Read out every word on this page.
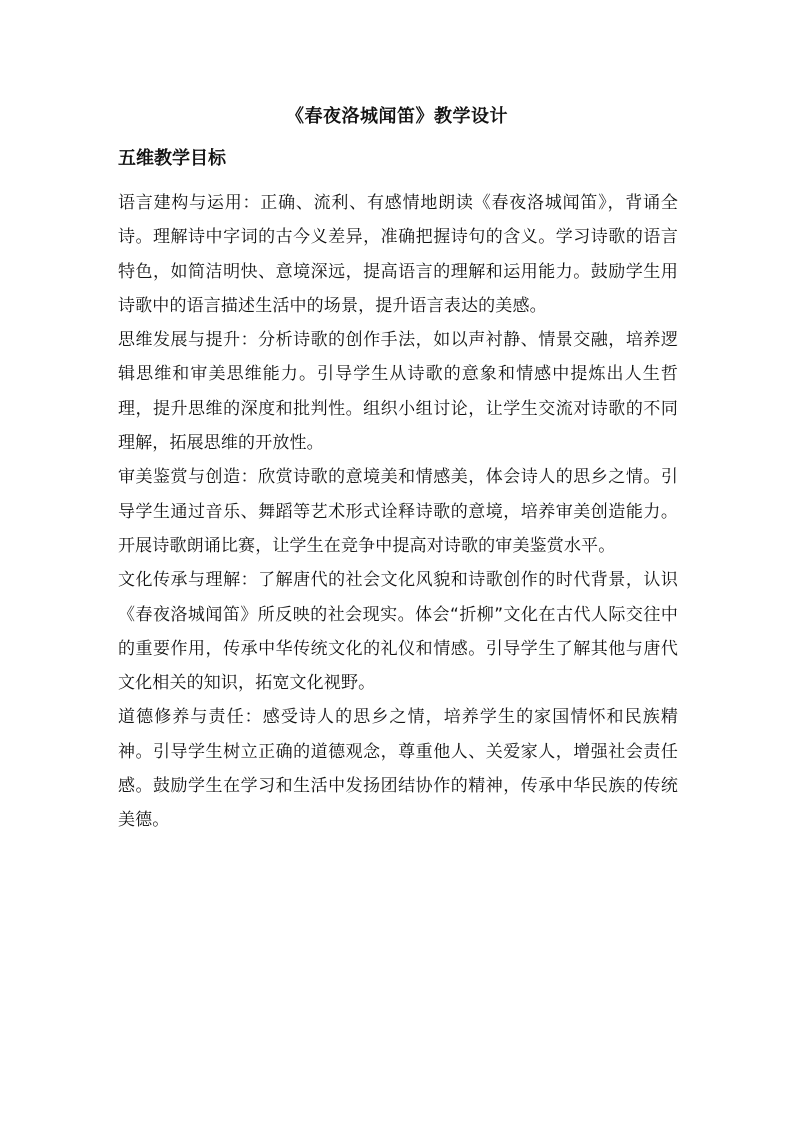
《春夜洛城闻笛》教学设计
五维教学目标

语言建构与运用：正确、流利、有感情地朗读《春夜洛城闻笛》，背诵全诗。理解诗中字词的古今义差异，准确把握诗句的含义。学习诗歌的语言特色，如简洁明快、意境深远，提高语言的理解和运用能力。鼓励学生用诗歌中的语言描述生活中的场景，提升语言表达的美感。

思维发展与提升：分析诗歌的创作手法，如以声衬静、情景交融，培养逻辑思维和审美思维能力。引导学生从诗歌的意象和情感中提炼出人生哲理，提升思维的深度和批判性。组织小组讨论，让学生交流对诗歌的不同理解，拓展思维的开放性。

审美鉴赏与创造：欣赏诗歌的意境美和情感美，体会诗人的思乡之情。引导学生通过音乐、舞蹈等艺术形式诠释诗歌的意境，培养审美创造能力。开展诗歌朗诵比赛，让学生在竞争中提高对诗歌的审美鉴赏水平。

文化传承与理解：了解唐代的社会文化风貌和诗歌创作的时代背景，认识《春夜洛城闻笛》所反映的社会现实。体会“折柳”文化在古代人际交往中的重要作用，传承中华传统文化的礼仪和情感。引导学生了解其他与唐代文化相关的知识，拓宽文化视野。

道德修养与责任：感受诗人的思乡之情，培养学生的家国情怀和民族精神。引导学生树立正确的道德观念，尊重他人、关爱家人，增强社会责任感。鼓励学生在学习和生活中发扬团结协作的精神，传承中华民族的传统美德。
